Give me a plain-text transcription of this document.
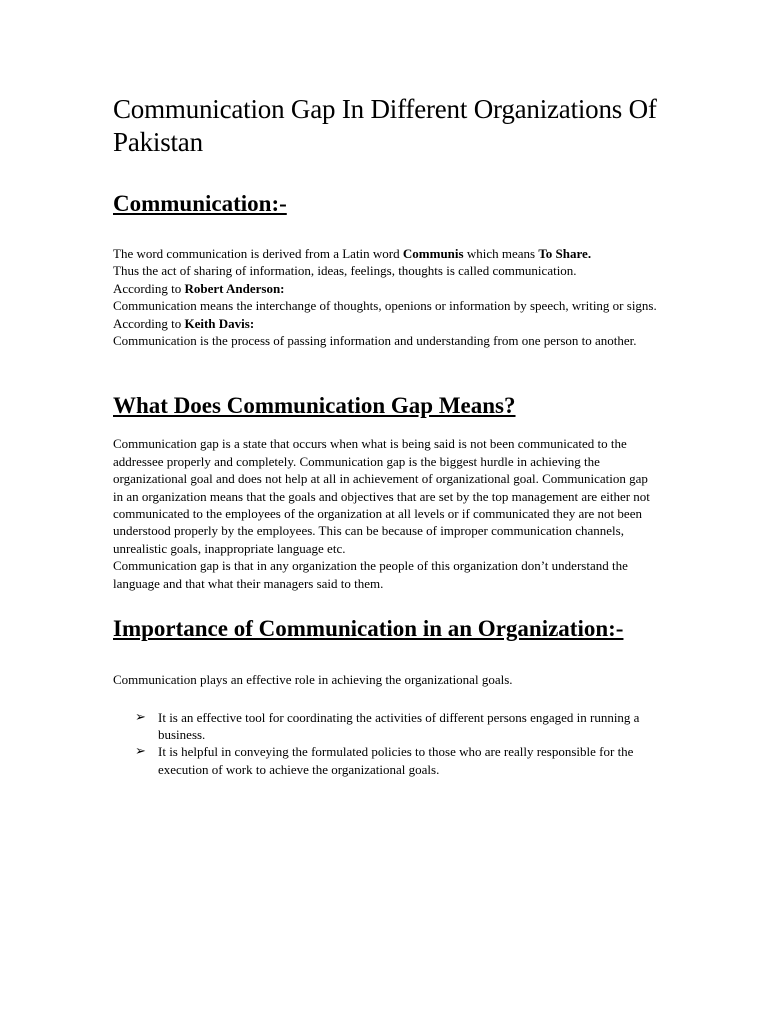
Communication Gap In Different Organizations Of Pakistan
Communication:-

The word communication is derived from a Latin word Communis which means To Share.

Thus the act of sharing of information, ideas, feelings, thoughts is called communication.

According to Robert Anderson:

Communication means the interchange of thoughts, openions or information by speech, writing or signs.

According to Keith Davis:

Communication is the process of passing information and understanding from one person to another.

What Does Communication Gap Means?

Communication gap is a state that occurs when what is being said is not been communicated to the addressee properly and completely. Communication gap is the biggest hurdle in achieving the organizational goal and does not help at all in achievement of organizational goal. Communication gap in an organization means that the goals and objectives that are set by the top management are either not communicated to the employees of the organization at all levels or if communicated they are not been understood properly by the employees. This can be because of improper communication channels, unrealistic goals, inappropriate language etc.

Communication gap is that in any organization the people of this organization don’t understand the language and that what their managers said to them.

Importance of Communication in an Organization:-

Communication plays an effective role in achieving the organizational goals.

➢ It is an effective tool for coordinating the activities of different persons engaged in running a business.
➢ It is helpful in conveying the formulated policies to those who are really responsible for the execution of work to achieve the organizational goals.
